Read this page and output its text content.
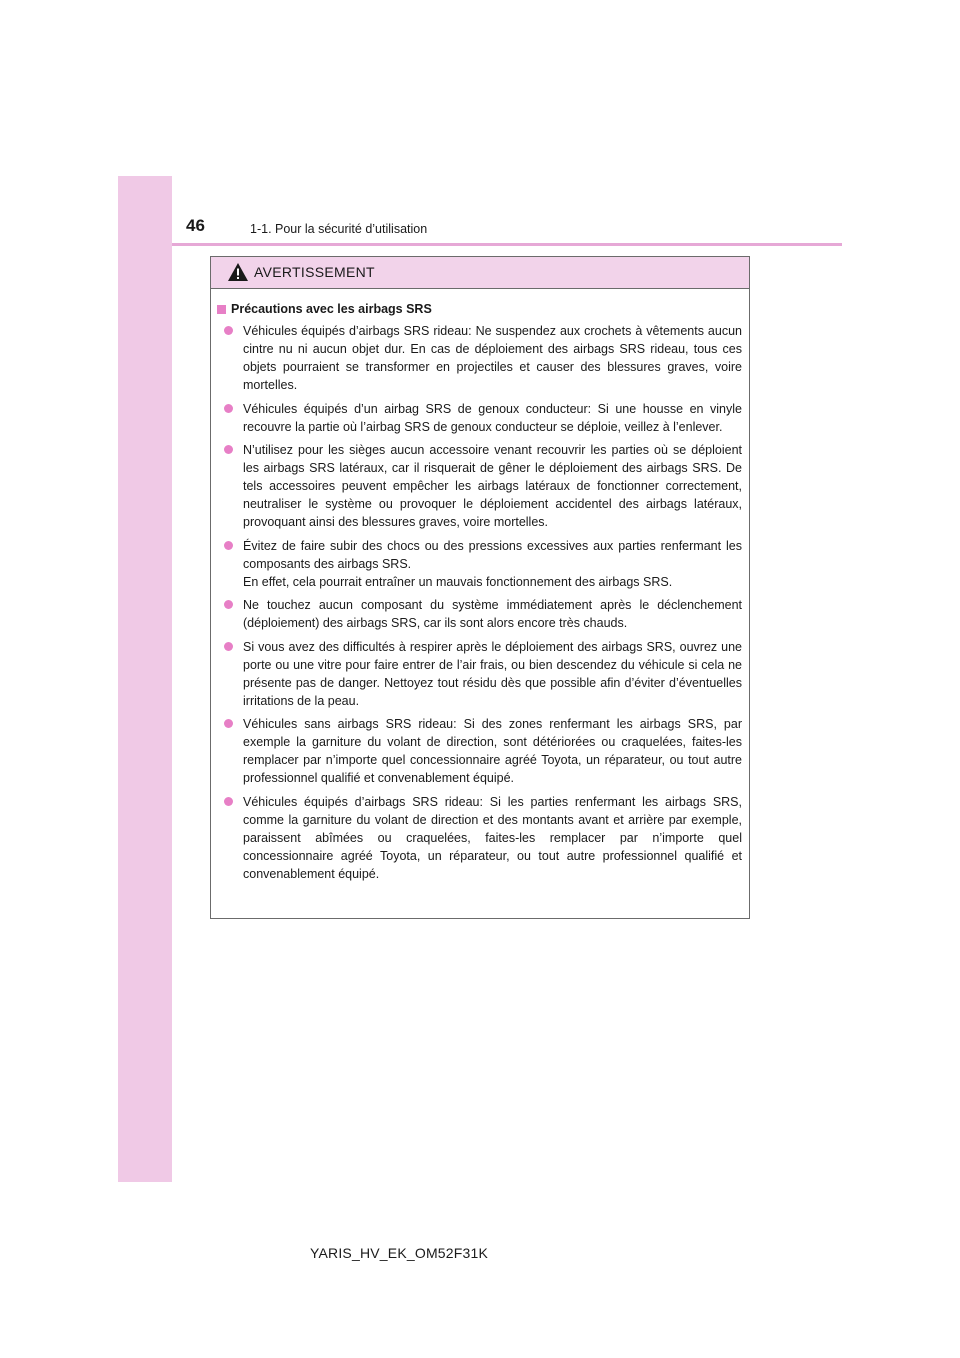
46	1-1. Pour la sécurité d’utilisation
AVERTISSEMENT
Précautions avec les airbags SRS
Véhicules équipés d’airbags SRS rideau: Ne suspendez aux crochets à vêtements aucun cintre nu ni aucun objet dur. En cas de déploiement des airbags SRS rideau, tous ces objets pourraient se transformer en projectiles et causer des blessures graves, voire mortelles.
Véhicules équipés d’un airbag SRS de genoux conducteur: Si une housse en vinyle recouvre la partie où l’airbag SRS de genoux conducteur se déploie, veillez à l’enlever.
N’utilisez pour les sièges aucun accessoire venant recouvrir les parties où se déploient les airbags SRS latéraux, car il risquerait de gêner le déploiement des airbags SRS. De tels accessoires peuvent empêcher les airbags latéraux de fonctionner correctement, neutraliser le système ou provoquer le déploiement accidentel des airbags latéraux, provoquant ainsi des blessures graves, voire mortelles.
Évitez de faire subir des chocs ou des pressions excessives aux parties renfermant les composants des airbags SRS.
En effet, cela pourrait entraîner un mauvais fonctionnement des airbags SRS.
Ne touchez aucun composant du système immédiatement après le déclenchement (déploiement) des airbags SRS, car ils sont alors encore très chauds.
Si vous avez des difficultés à respirer après le déploiement des airbags SRS, ouvrez une porte ou une vitre pour faire entrer de l’air frais, ou bien descendez du véhicule si cela ne présente pas de danger. Nettoyez tout résidu dès que possible afin d’éviter d’éventuelles irritations de la peau.
Véhicules sans airbags SRS rideau: Si des zones renfermant les airbags SRS, par exemple la garniture du volant de direction, sont détériorées ou craquelées, faites-les remplacer par n’importe quel concessionnaire agréé Toyota, un réparateur, ou tout autre professionnel qualifié et convenablement équipé.
Véhicules équipés d’airbags SRS rideau: Si les parties renfermant les airbags SRS, comme la garniture du volant de direction et des montants avant et arrière par exemple, paraissent abîmées ou craquelées, faites-les remplacer par n’importe quel concessionnaire agréé Toyota, un réparateur, ou tout autre professionnel qualifié et convenablement équipé.
YARIS_HV_EK_OM52F31K
